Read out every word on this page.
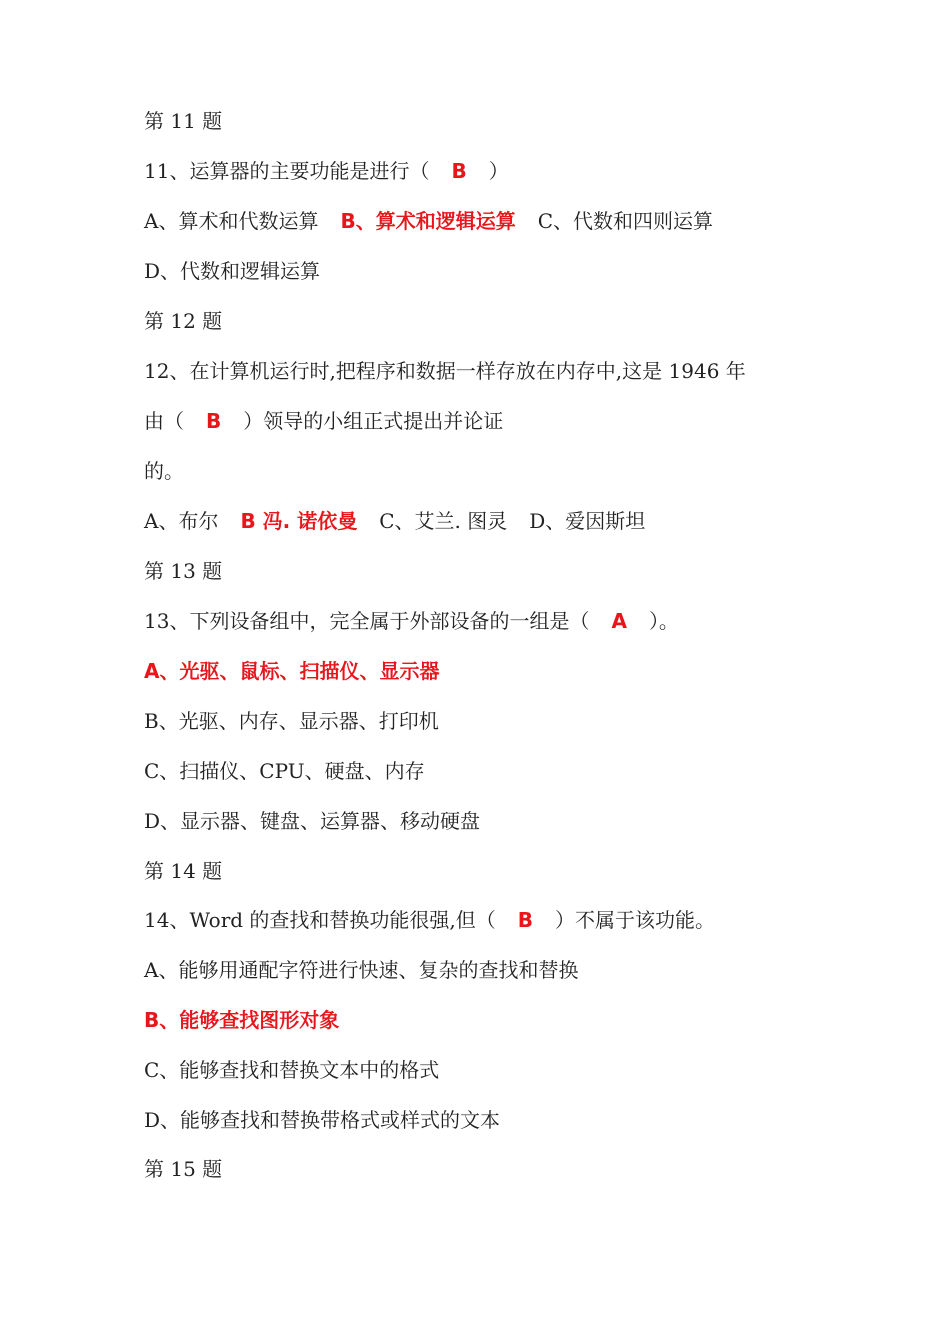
第 11 题
11、运算器的主要功能是进行（ B ）
A、算术和代数运算 B、算术和逻辑运算 C、代数和四则运算
D、代数和逻辑运算
第 12 题
12、在计算机运行时,把程序和数据一样存放在内存中,这是 1946 年
由（ B ）领导的小组正式提出并论证
的。
A、布尔 B 冯. 诺依曼 C、艾兰. 图灵 D、爱因斯坦
第 13 题
13、下列设备组中，完全属于外部设备的一组是（ A ）。
A、光驱、鼠标、扫描仪、显示器
B、光驱、内存、显示器、打印机
C、扫描仪、CPU、硬盘、内存
D、显示器、键盘、运算器、移动硬盘
第 14 题
14、Word 的查找和替换功能很强,但（ B ）不属于该功能。
A、能够用通配字符进行快速、复杂的查找和替换
B、能够查找图形对象
C、能够查找和替换文本中的格式
D、能够查找和替换带格式或样式的文本
第 15 题
